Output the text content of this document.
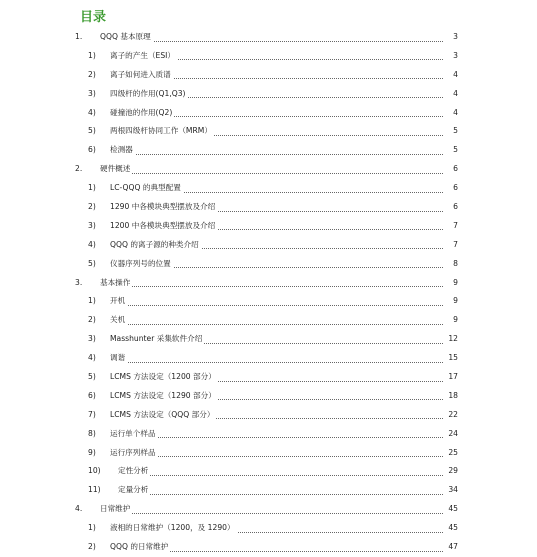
目录
1.	QQQ 基本原理	3
1) 离子的产生（ESI）	3
2) 离子如何进入质谱	4
3) 四级杆的作用(Q1,Q3)	4
4) 碰撞池的作用(Q2)	4
5) 两根四级杆协同工作（MRM）	5
6) 检测器	5
2.	硬件概述	6
1) LC-QQQ 的典型配置	6
2) 1290 中各模块典型摆放及介绍	6
3) 1200 中各模块典型摆放及介绍	7
4) QQQ 的离子源的种类介绍	7
5) 仪器序列号的位置	8
3.	基本操作	9
1) 开机	9
2) 关机	9
3) Masshunter 采集软件介绍	12
4) 调谐	15
5) LCMS 方法设定（1200 部分）	17
6) LCMS 方法设定（1290 部分）	18
7) LCMS 方法设定（QQQ 部分）	22
8) 运行单个样品	24
9) 运行序列样品	25
10) 定性分析	29
11) 定量分析	34
4.	日常维护	45
1) 液相的日常维护（1200，及 1290）	45
2) QQQ 的日常维护	47
